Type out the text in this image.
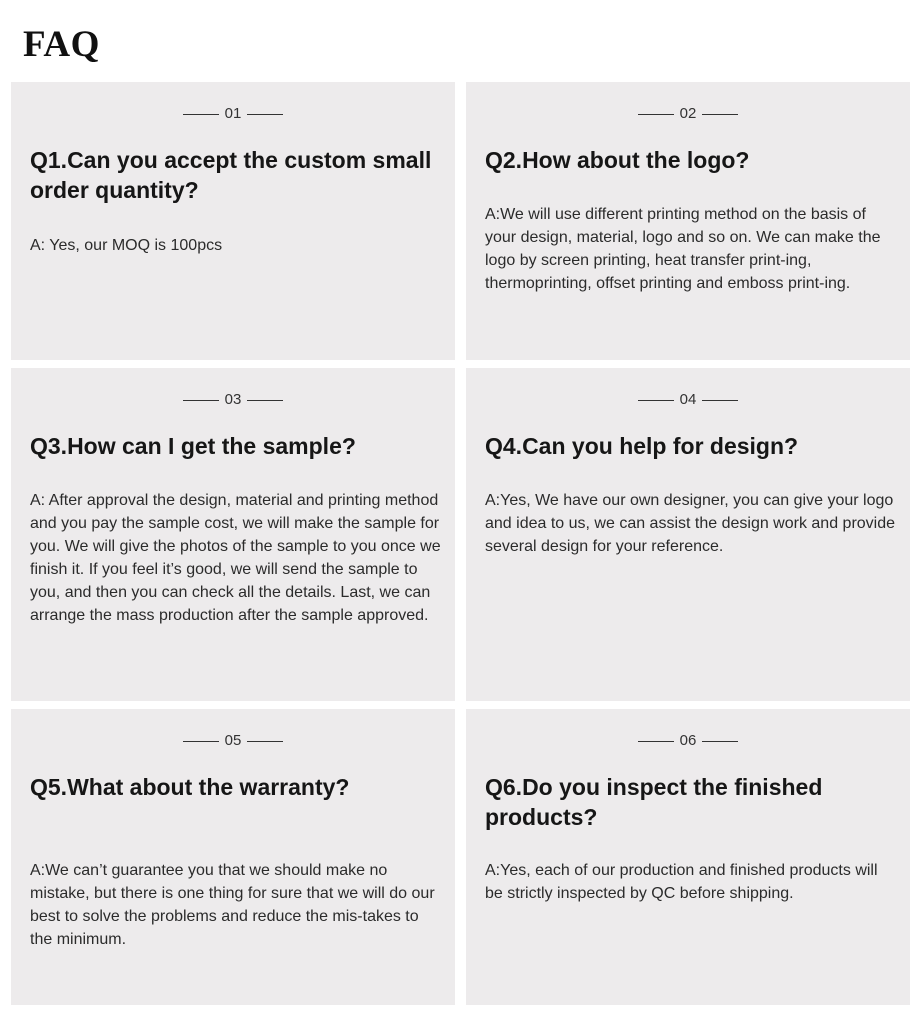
FAQ
01
Q1.Can you accept the custom small order quantity?

A: Yes, our MOQ is 100pcs

02
Q2.How about the logo?

A:We will use different printing method on the basis of your design, material, logo and so on. We can make the logo by screen printing, heat transfer print-ing, thermoprinting, offset printing and emboss print-ing.

03
Q3.How can I get the sample?

A: After approval the design, material and printing method and you pay the sample cost, we will make the sample for you. We will give the photos of the sample to you once we finish it. If you feel it’s good, we will send the sample to you, and then you can check all the details. Last, we can arrange the mass production after the sample approved.

04
Q4.Can you help for design?

A:Yes, We have our own designer, you can give your logo and idea to us, we can assist the design work and provide several design for your reference.

05
Q5.What about the warranty?

A:We can’t guarantee you that we should make no mistake, but there is one thing for sure that we will do our best to solve the problems and reduce the mis-takes to the minimum.

06
Q6.Do you inspect the finished products?

A:Yes, each of our production and finished products will be strictly inspected by QC before shipping.
